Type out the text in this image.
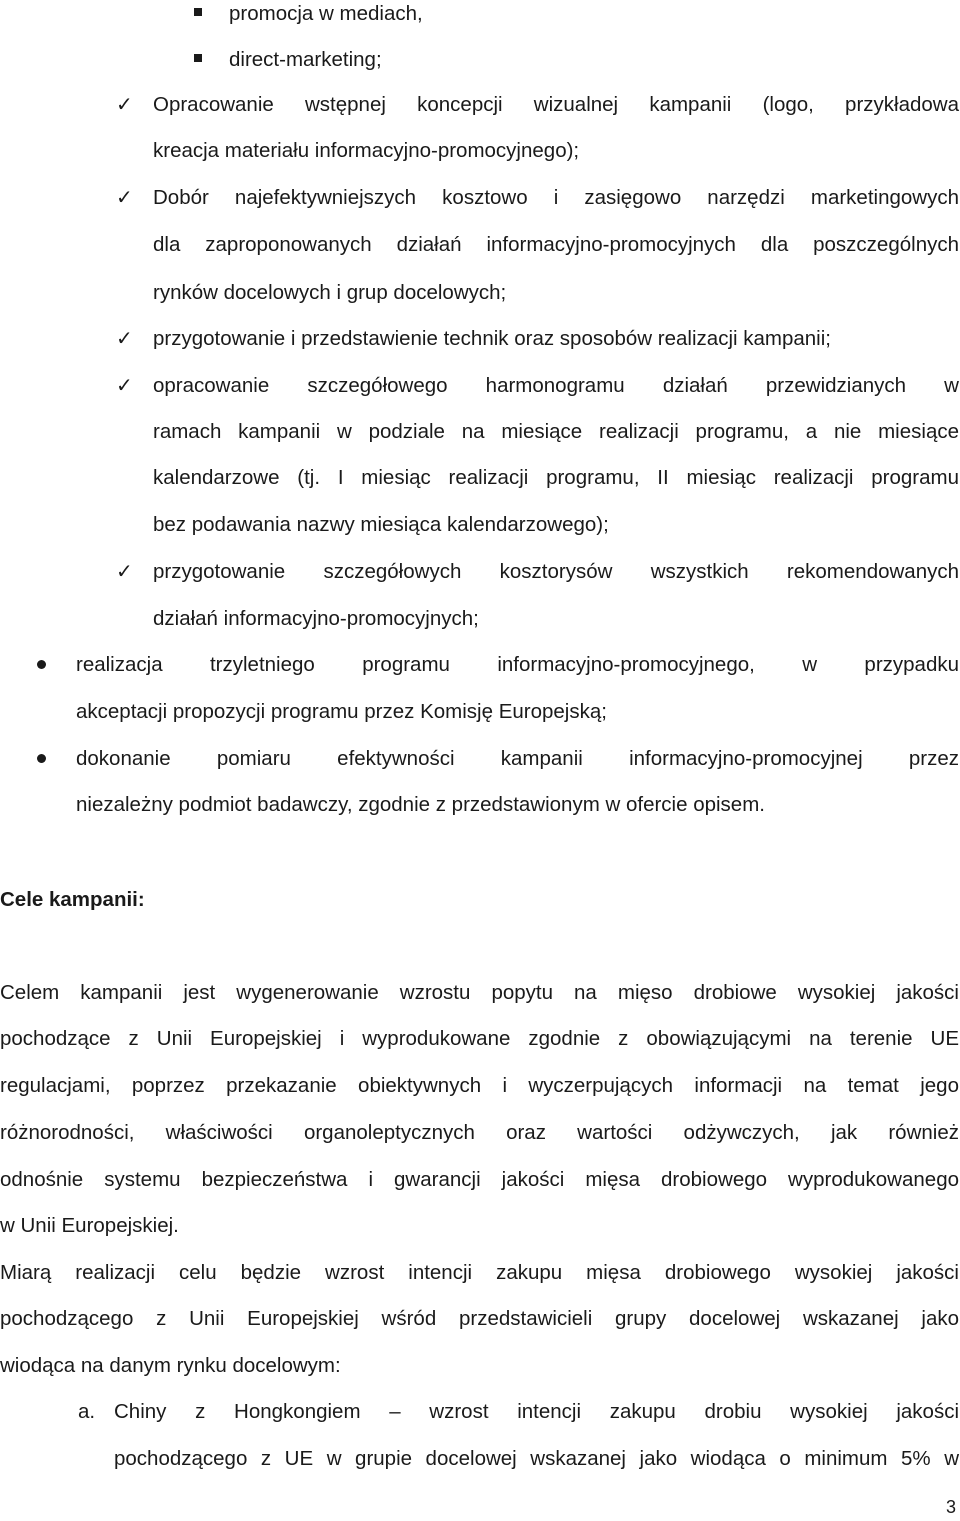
promocja w mediach,
direct-marketing;
✓ Opracowanie wstępnej koncepcji wizualnej kampanii (logo, przykładowa
kreacja materiału informacyjno-promocyjnego);
✓ Dobór najefektywniejszych kosztowo i zasięgowo narzędzi marketingowych
dla zaproponowanych działań informacyjno-promocyjnych dla poszczególnych
rynków docelowych i grup docelowych;
✓ przygotowanie i przedstawienie technik oraz sposobów realizacji kampanii;
✓ opracowanie szczegółowego harmonogramu działań przewidzianych w
ramach kampanii w podziale na miesiące realizacji programu, a nie miesiące
kalendarzowe (tj. I miesiąc realizacji programu, II miesiąc realizacji programu
bez podawania nazwy miesiąca kalendarzowego);
✓ przygotowanie szczegółowych kosztorysów wszystkich rekomendowanych
działań informacyjno-promocyjnych;
realizacja trzyletniego programu informacyjno-promocyjnego, w przypadku
akceptacji propozycji programu przez Komisję Europejską;
dokonanie pomiaru efektywności kampanii informacyjno-promocyjnej przez
niezależny podmiot badawczy, zgodnie z przedstawionym w ofercie opisem.
Cele kampanii:
Celem kampanii jest wygenerowanie wzrostu popytu na mięso drobiowe wysokiej jakości
pochodzące z Unii Europejskiej i wyprodukowane zgodnie z obowiązującymi na terenie UE
regulacjami, poprzez przekazanie obiektywnych i wyczerpujących informacji na temat jego
różnorodności, właściwości organoleptycznych oraz wartości odżywczych, jak również
odnośnie systemu bezpieczeństwa i gwarancji jakości mięsa drobiowego wyprodukowanego
w Unii Europejskiej.
Miarą realizacji celu będzie wzrost intencji zakupu mięsa drobiowego wysokiej jakości
pochodzącego z Unii Europejskiej wśród przedstawicieli grupy docelowej wskazanej jako
wiodąca na danym rynku docelowym:
a. Chiny z Hongkongiem – wzrost intencji zakupu drobiu wysokiej jakości
pochodzącego z UE w grupie docelowej wskazanej jako wiodąca o minimum 5% w
3
